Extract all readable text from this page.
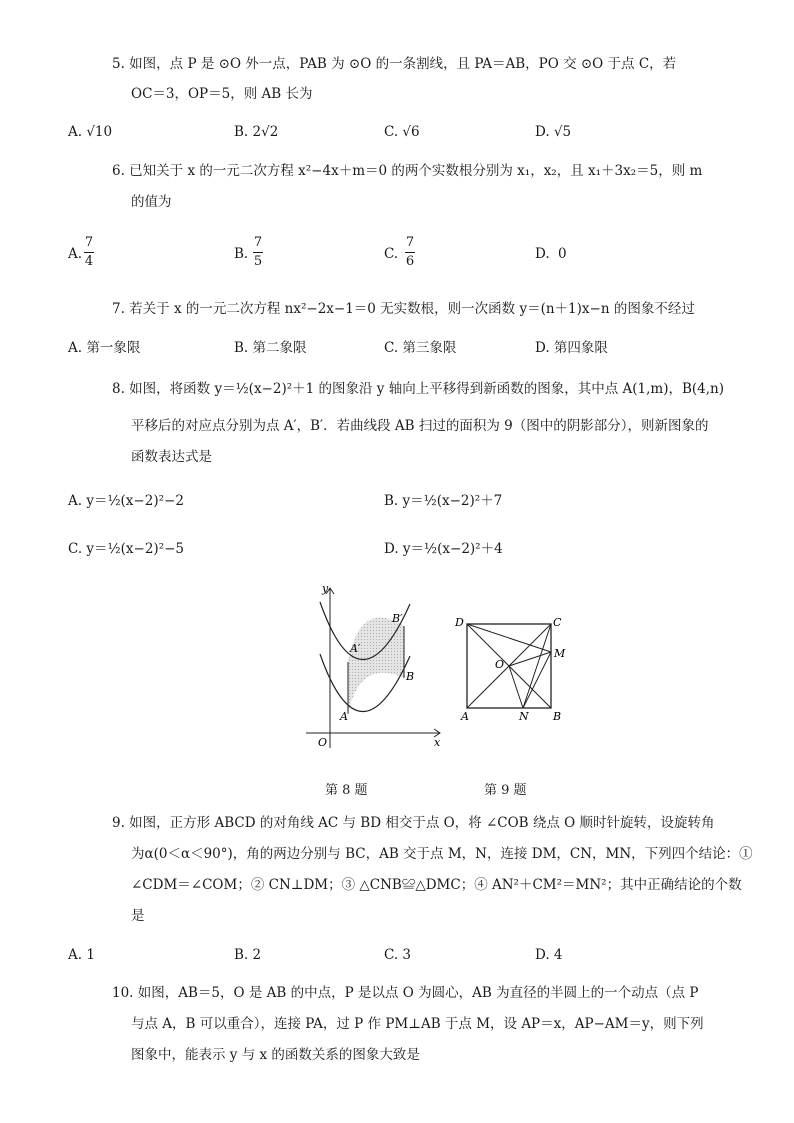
5. 如图，点 P 是 ⊙O 外一点，PAB 为 ⊙O 的一条割线，且 PA＝AB，PO 交 ⊙O 于点 C，若
OC＝3，OP＝5，则 AB 长为
A. √10	B. 2√2	C. √6	D. √5
6. 已知关于 x 的一元二次方程 x²−4x＋m＝0 的两个实数根分别为 x₁，x₂，且 x₁＋3x₂＝5，则 m
的值为
A.
7
4	B.
7
5	C.
7
6	D. 0
7. 若关于 x 的一元二次方程 nx²−2x−1＝0 无实数根，则一次函数 y＝(n＋1)x−n 的图象不经过
A. 第一象限	B. 第二象限	C. 第三象限	D. 第四象限
8. 如图，将函数 y＝½(x−2)²＋1 的图象沿 y 轴向上平移得到新函数的图象，其中点 A(1,m)，B(4,n)
平移后的对应点分别为点 A′，B′．若曲线段 AB 扫过的面积为 9（图中的阴影部分），则新图象的
函数表达式是
A. y＝½(x−2)²−2	B. y＝½(x−2)²＋7
C. y＝½(x−2)²−5	D. y＝½(x−2)²＋4
y
x
O
A
B
A′
B′	D	C
M
O
A	N B
第 8 题	第 9 题
9. 如图，正方形 ABCD 的对角线 AC 与 BD 相交于点 O，将 ∠COB 绕点 O 顺时针旋转，设旋转角
为α(0＜α＜90°)，角的两边分别与 BC，AB 交于点 M，N，连接 DM，CN，MN，下列四个结论：①
∠CDM＝∠COM；② CN⊥DM；③ △CNB≌△DMC；④ AN²＋CM²＝MN²；其中正确结论的个数
是
A. 1	B. 2	C. 3	D. 4
10. 如图，AB＝5，O 是 AB 的中点，P 是以点 O 为圆心，AB 为直径的半圆上的一个动点（点 P
与点 A，B 可以重合），连接 PA，过 P 作 PM⊥AB 于点 M，设 AP＝x，AP−AM＝y，则下列
图象中，能表示 y 与 x 的函数关系的图象大致是
